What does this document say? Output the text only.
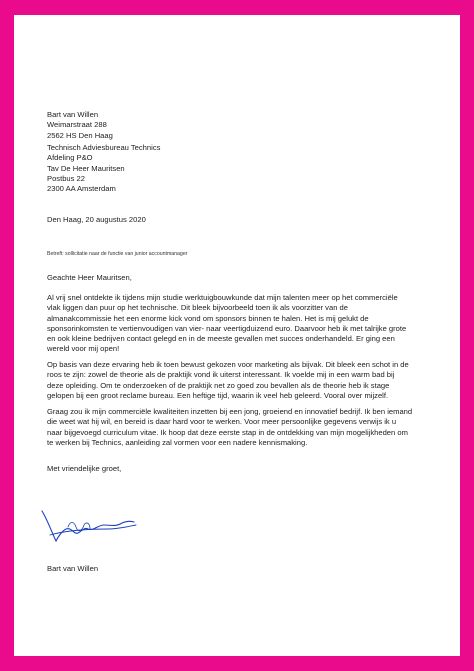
Bart van Willen
Weimarstraat 288
2562 HS Den Haag
Technisch Adviesbureau Technics
Afdeling P&O
Tav De Heer Mauritsen
Postbus 22
2300 AA Amsterdam
Den Haag, 20 augustus 2020
Betreft: sollicitatie naar de functie van junior accountmanager
Geachte Heer Mauritsen,
Al vrij snel ontdekte ik tijdens mijn studie werktuigbouwkunde dat mijn talenten meer op het commerciële
vlak liggen dan puur op het technische. Dit bleek bijvoorbeeld toen ik als voorzitter van de
almanakcommissie het een enorme kick vond om sponsors binnen te halen. Het is mij gelukt de
sponsorinkomsten te vertienvoudigen van vier- naar veertigduizend euro. Daarvoor heb ik met talrijke grote
en ook kleine bedrijven contact gelegd en in de meeste gevallen met succes onderhandeld. Er ging een
wereld voor mij open!
Op basis van deze ervaring heb ik toen bewust gekozen voor marketing als bijvak. Dit bleek een schot in de
roos te zijn: zowel de theorie als de praktijk vond ik uiterst interessant. Ik voelde mij in een warm bad bij
deze opleiding. Om te onderzoeken of de praktijk net zo goed zou bevallen als de theorie heb ik stage
gelopen bij een groot reclame bureau. Een heftige tijd, waarin ik veel heb geleerd. Vooral over mijzelf.
Graag zou ik mijn commerciële kwaliteiten inzetten bij een jong, groeiend en innovatief bedrijf. Ik ben iemand
die weet wat hij wil, en bereid is daar hard voor te werken. Voor meer persoonlijke gegevens verwijs ik u
naar bijgevoegd curriculum vitae. Ik hoop dat deze eerste stap in de ontdekking van mijn mogelijkheden om
te werken bij Technics, aanleiding zal vormen voor een nadere kennismaking.
Met vriendelijke groet,
Bart van Willen
